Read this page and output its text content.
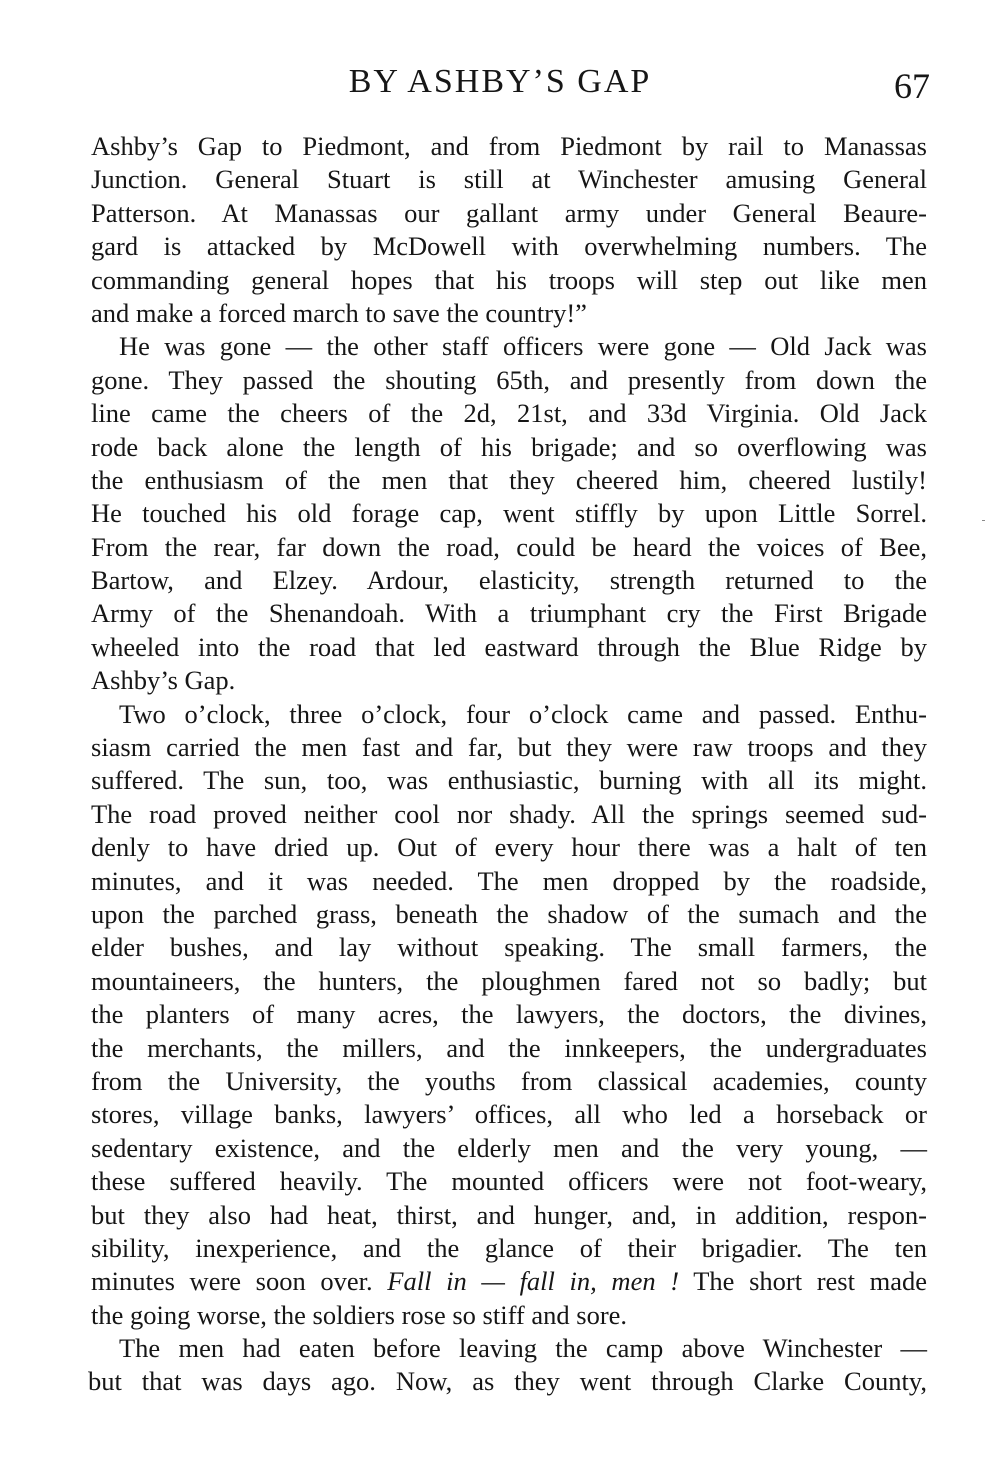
BY ASHBY’S GAP	67
Ashby’s Gap to Piedmont, and from Piedmont by rail to Manassas
Junction. General Stuart is still at Winchester amusing General
Patterson. At Manassas our gallant army under General Beaure-
gard is attacked by McDowell with overwhelming numbers. The
commanding general hopes that his troops will step out like men
and make a forced march to save the country!”
He was gone — the other staff officers were gone — Old Jack was
gone. They passed the shouting 65th, and presently from down the
line came the cheers of the 2d, 21st, and 33d Virginia. Old Jack
rode back alone the length of his brigade; and so overflowing was
the enthusiasm of the men that they cheered him, cheered lustily!
He touched his old forage cap, went stiffly by upon Little Sorrel.
From the rear, far down the road, could be heard the voices of Bee,
Bartow, and Elzey. Ardour, elasticity, strength returned to the
Army of the Shenandoah. With a triumphant cry the First Brigade
wheeled into the road that led eastward through the Blue Ridge by
Ashby’s Gap.
Two o’clock, three o’clock, four o’clock came and passed. Enthu-
siasm carried the men fast and far, but they were raw troops and they
suffered. The sun, too, was enthusiastic, burning with all its might.
The road proved neither cool nor shady. All the springs seemed sud-
denly to have dried up. Out of every hour there was a halt of ten
minutes, and it was needed. The men dropped by the roadside,
upon the parched grass, beneath the shadow of the sumach and the
elder bushes, and lay without speaking. The small farmers, the
mountaineers, the hunters, the ploughmen fared not so badly; but
the planters of many acres, the lawyers, the doctors, the divines,
the merchants, the millers, and the innkeepers, the undergraduates
from the University, the youths from classical academies, county
stores, village banks, lawyers’ offices, all who led a horseback or
sedentary existence, and the elderly men and the very young, —
these suffered heavily. The mounted officers were not foot-weary,
but they also had heat, thirst, and hunger, and, in addition, respon-
sibility, inexperience, and the glance of their brigadier. The ten
minutes were soon over. Fall in — fall in, men ! The short rest made
the going worse, the soldiers rose so stiff and sore.
The men had eaten before leaving the camp above Winchester —
but that was days ago. Now, as they went through Clarke County,
